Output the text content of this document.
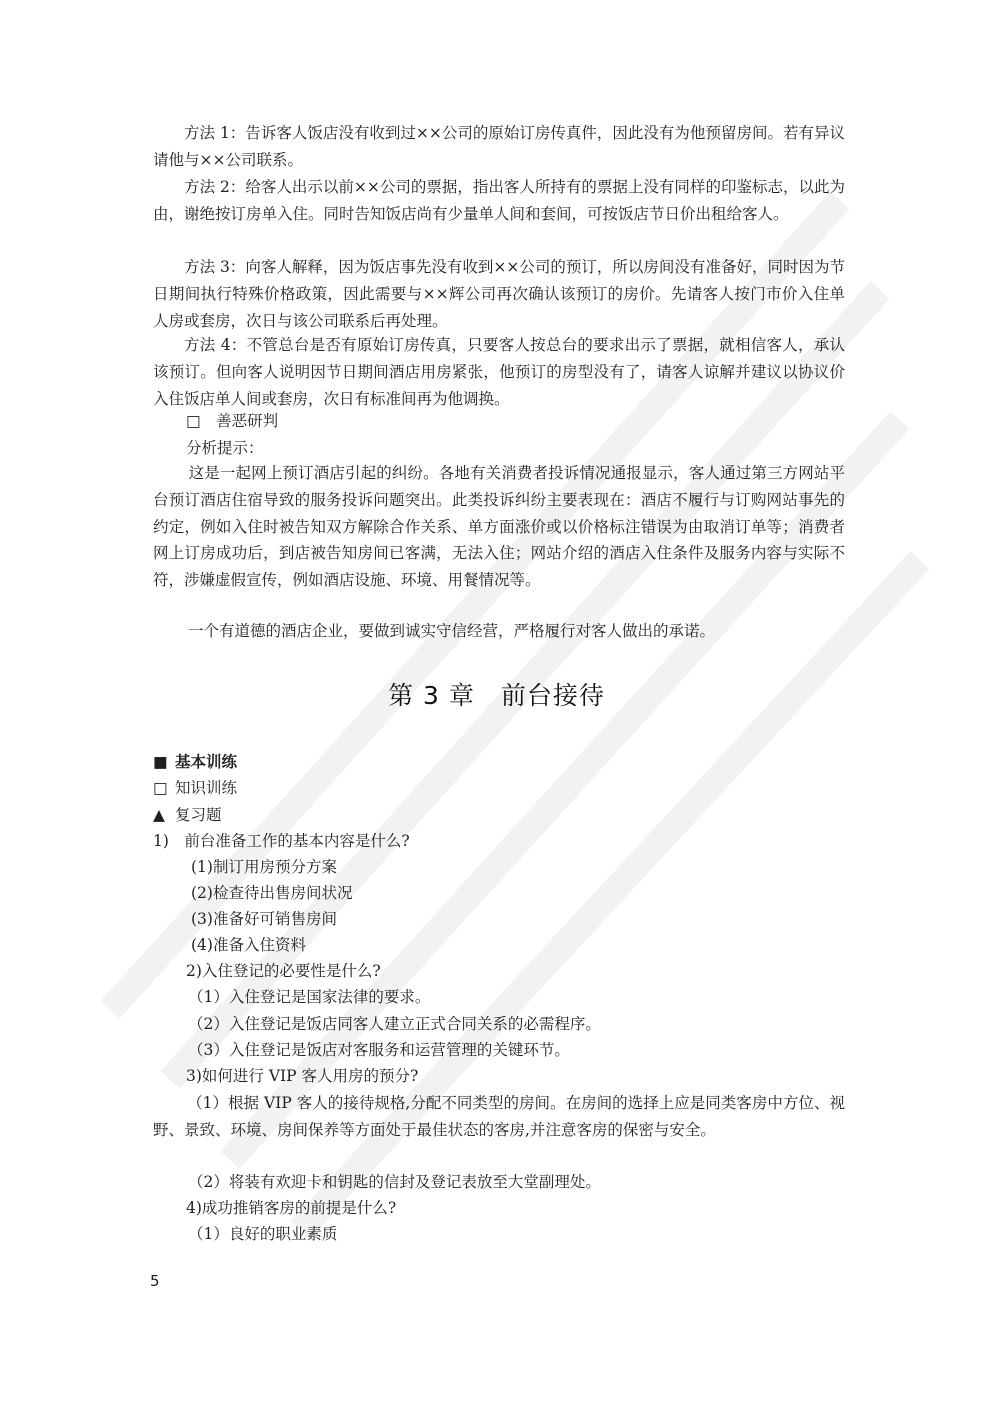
方法 1：告诉客人饭店没有收到过××公司的原始订房传真件，因此没有为他预留房间。若有异议请他与××公司联系。
方法 2：给客人出示以前××公司的票据，指出客人所持有的票据上没有同样的印鉴标志，以此为由，谢绝按订房单入住。同时告知饭店尚有少量单人间和套间，可按饭店节日价出租给客人。
方法 3：向客人解释，因为饭店事先没有收到××公司的预订，所以房间没有准备好，同时因为节日期间执行特殊价格政策，因此需要与××辉公司再次确认该预订的房价。先请客人按门市价入住单人房或套房，次日与该公司联系后再处理。
方法 4：不管总台是否有原始订房传真，只要客人按总台的要求出示了票据，就相信客人，承认该预订。但向客人说明因节日期间酒店用房紧张，他预订的房型没有了，请客人谅解并建议以协议价入住饭店单人间或套房，次日有标准间再为他调换。
□　善恶研判
分析提示：
这是一起网上预订酒店引起的纠纷。各地有关消费者投诉情况通报显示，客人通过第三方网站平台预订酒店住宿导致的服务投诉问题突出。此类投诉纠纷主要表现在：酒店不履行与订购网站事先的约定，例如入住时被告知双方解除合作关系、单方面涨价或以价格标注错误为由取消订单等；消费者网上订房成功后，到店被告知房间已客满，无法入住；网站介绍的酒店入住条件及服务内容与实际不符，涉嫌虚假宣传，例如酒店设施、环境、用餐情况等。
一个有道德的酒店企业，要做到诚实守信经营，严格履行对客人做出的承诺。
第 3 章　前台接待
■ 基本训练
□ 知识训练
▲ 复习题
1)　前台准备工作的基本内容是什么?
(1)制订用房预分方案
(2)检查待出售房间状况
(3)准备好可销售房间
(4)准备入住资料
2)入住登记的必要性是什么?
（1）入住登记是国家法律的要求。
（2）入住登记是饭店同客人建立正式合同关系的必需程序。
（3）入住登记是饭店对客服务和运营管理的关键环节。
3)如何进行 VIP 客人用房的预分?
（1）根据 VIP 客人的接待规格,分配不同类型的房间。在房间的选择上应是同类客房中方位、视野、景致、环境、房间保养等方面处于最佳状态的客房,并注意客房的保密与安全。
（2）将装有欢迎卡和钥匙的信封及登记表放至大堂副理处。
4)成功推销客房的前提是什么?
（1）良好的职业素质
5
